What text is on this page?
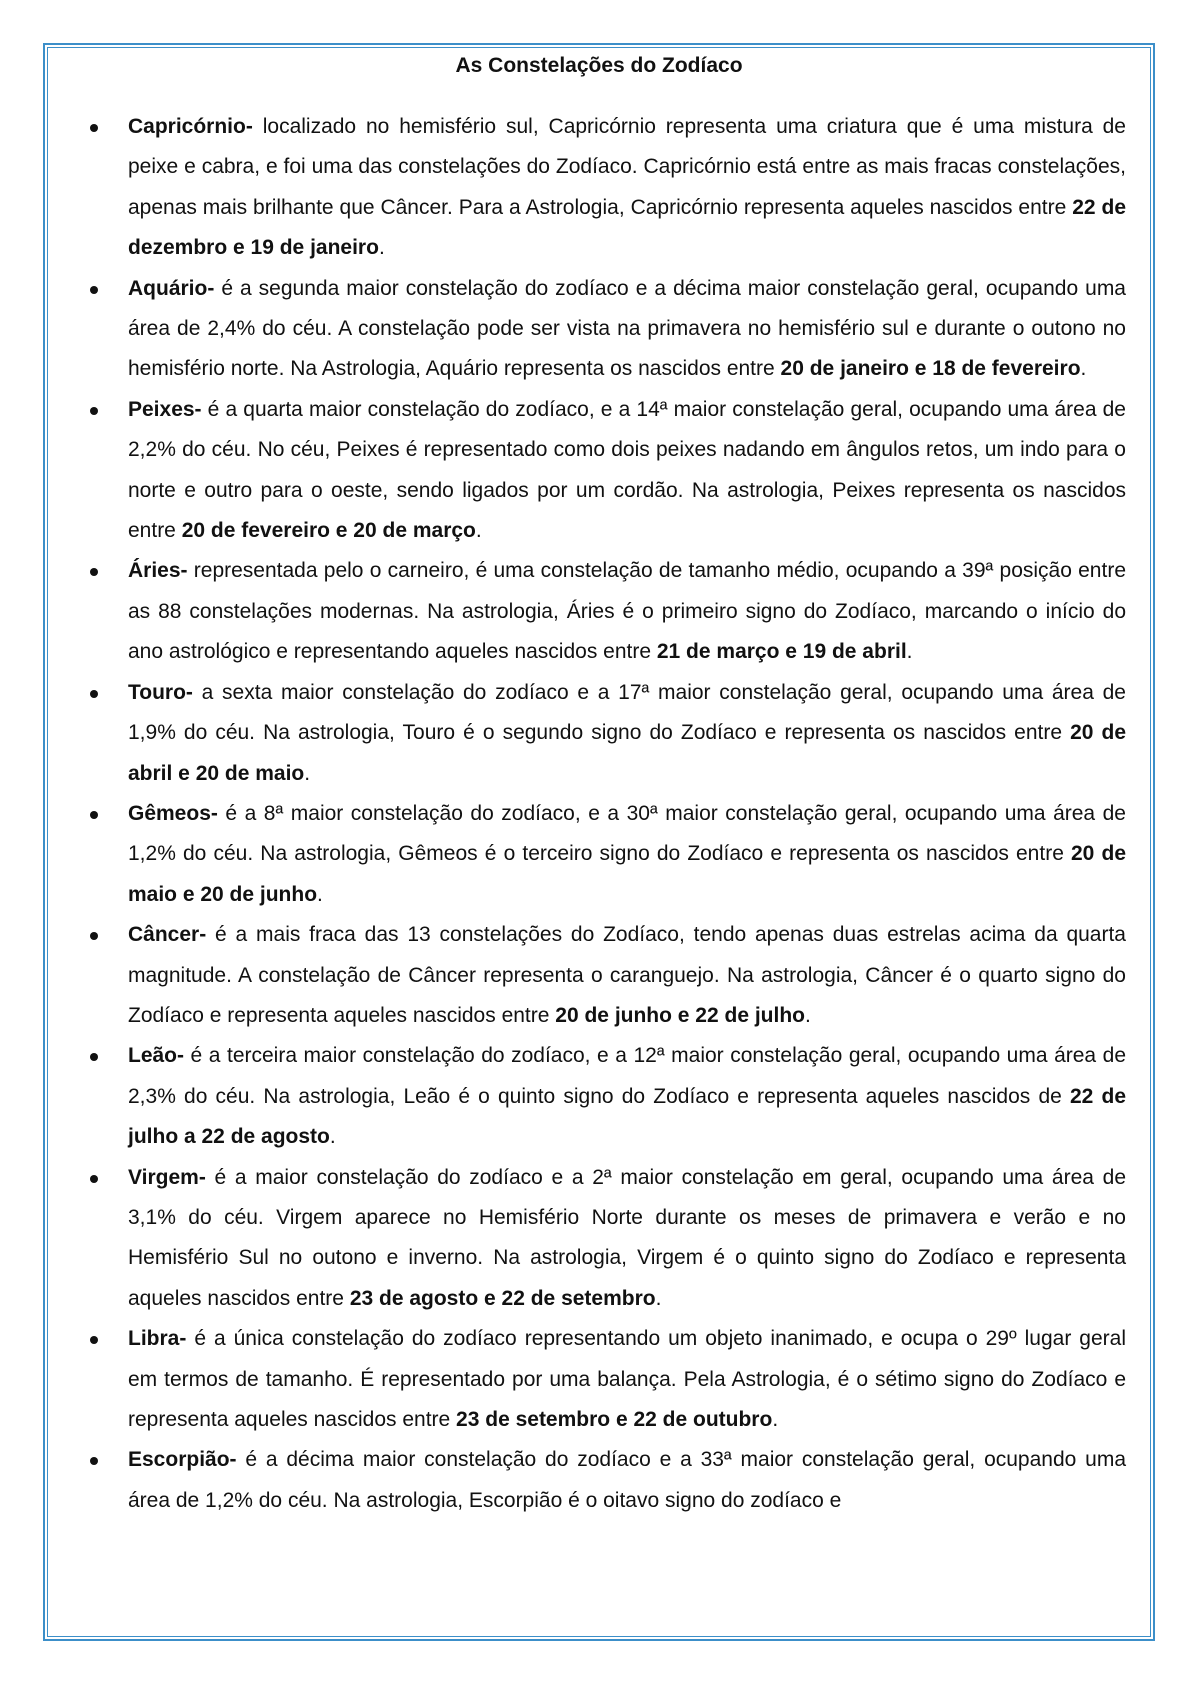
As Constelações do Zodíaco
Capricórnio- localizado no hemisfério sul, Capricórnio representa uma criatura que é uma mistura de peixe e cabra, e foi uma das constelações do Zodíaco. Capricórnio está entre as mais fracas constelações, apenas mais brilhante que Câncer. Para a Astrologia, Capricórnio representa aqueles nascidos entre 22 de dezembro e 19 de janeiro.
Aquário- é a segunda maior constelação do zodíaco e a décima maior constelação geral, ocupando uma área de 2,4% do céu. A constelação pode ser vista na primavera no hemisfério sul e durante o outono no hemisfério norte. Na Astrologia, Aquário representa os nascidos entre 20 de janeiro e 18 de fevereiro.
Peixes- é a quarta maior constelação do zodíaco, e a 14ª maior constelação geral, ocupando uma área de 2,2% do céu. No céu, Peixes é representado como dois peixes nadando em ângulos retos, um indo para o norte e outro para o oeste, sendo ligados por um cordão. Na astrologia, Peixes representa os nascidos entre 20 de fevereiro e 20 de março.
Áries- representada pelo o carneiro, é uma constelação de tamanho médio, ocupando a 39ª posição entre as 88 constelações modernas. Na astrologia, Áries é o primeiro signo do Zodíaco, marcando o início do ano astrológico e representando aqueles nascidos entre 21 de março e 19 de abril.
Touro- a sexta maior constelação do zodíaco e a 17ª maior constelação geral, ocupando uma área de 1,9% do céu. Na astrologia, Touro é o segundo signo do Zodíaco e representa os nascidos entre 20 de abril e 20 de maio.
Gêmeos- é a 8ª maior constelação do zodíaco, e a 30ª maior constelação geral, ocupando uma área de 1,2% do céu. Na astrologia, Gêmeos é o terceiro signo do Zodíaco e representa os nascidos entre 20 de maio e 20 de junho.
Câncer- é a mais fraca das 13 constelações do Zodíaco, tendo apenas duas estrelas acima da quarta magnitude. A constelação de Câncer representa o caranguejo. Na astrologia, Câncer é o quarto signo do Zodíaco e representa aqueles nascidos entre 20 de junho e 22 de julho.
Leão- é a terceira maior constelação do zodíaco, e a 12ª maior constelação geral, ocupando uma área de 2,3% do céu. Na astrologia, Leão é o quinto signo do Zodíaco e representa aqueles nascidos de 22 de julho a 22 de agosto.
Virgem- é a maior constelação do zodíaco e a 2ª maior constelação em geral, ocupando uma área de 3,1% do céu. Virgem aparece no Hemisfério Norte durante os meses de primavera e verão e no Hemisfério Sul no outono e inverno. Na astrologia, Virgem é o quinto signo do Zodíaco e representa aqueles nascidos entre 23 de agosto e 22 de setembro.
Libra- é a única constelação do zodíaco representando um objeto inanimado, e ocupa o 29º lugar geral em termos de tamanho. É representado por uma balança. Pela Astrologia, é o sétimo signo do Zodíaco e representa aqueles nascidos entre 23 de setembro e 22 de outubro.
Escorpião- é a décima maior constelação do zodíaco e a 33ª maior constelação geral, ocupando uma área de 1,2% do céu. Na astrologia, Escorpião é o oitavo signo do zodíaco e
